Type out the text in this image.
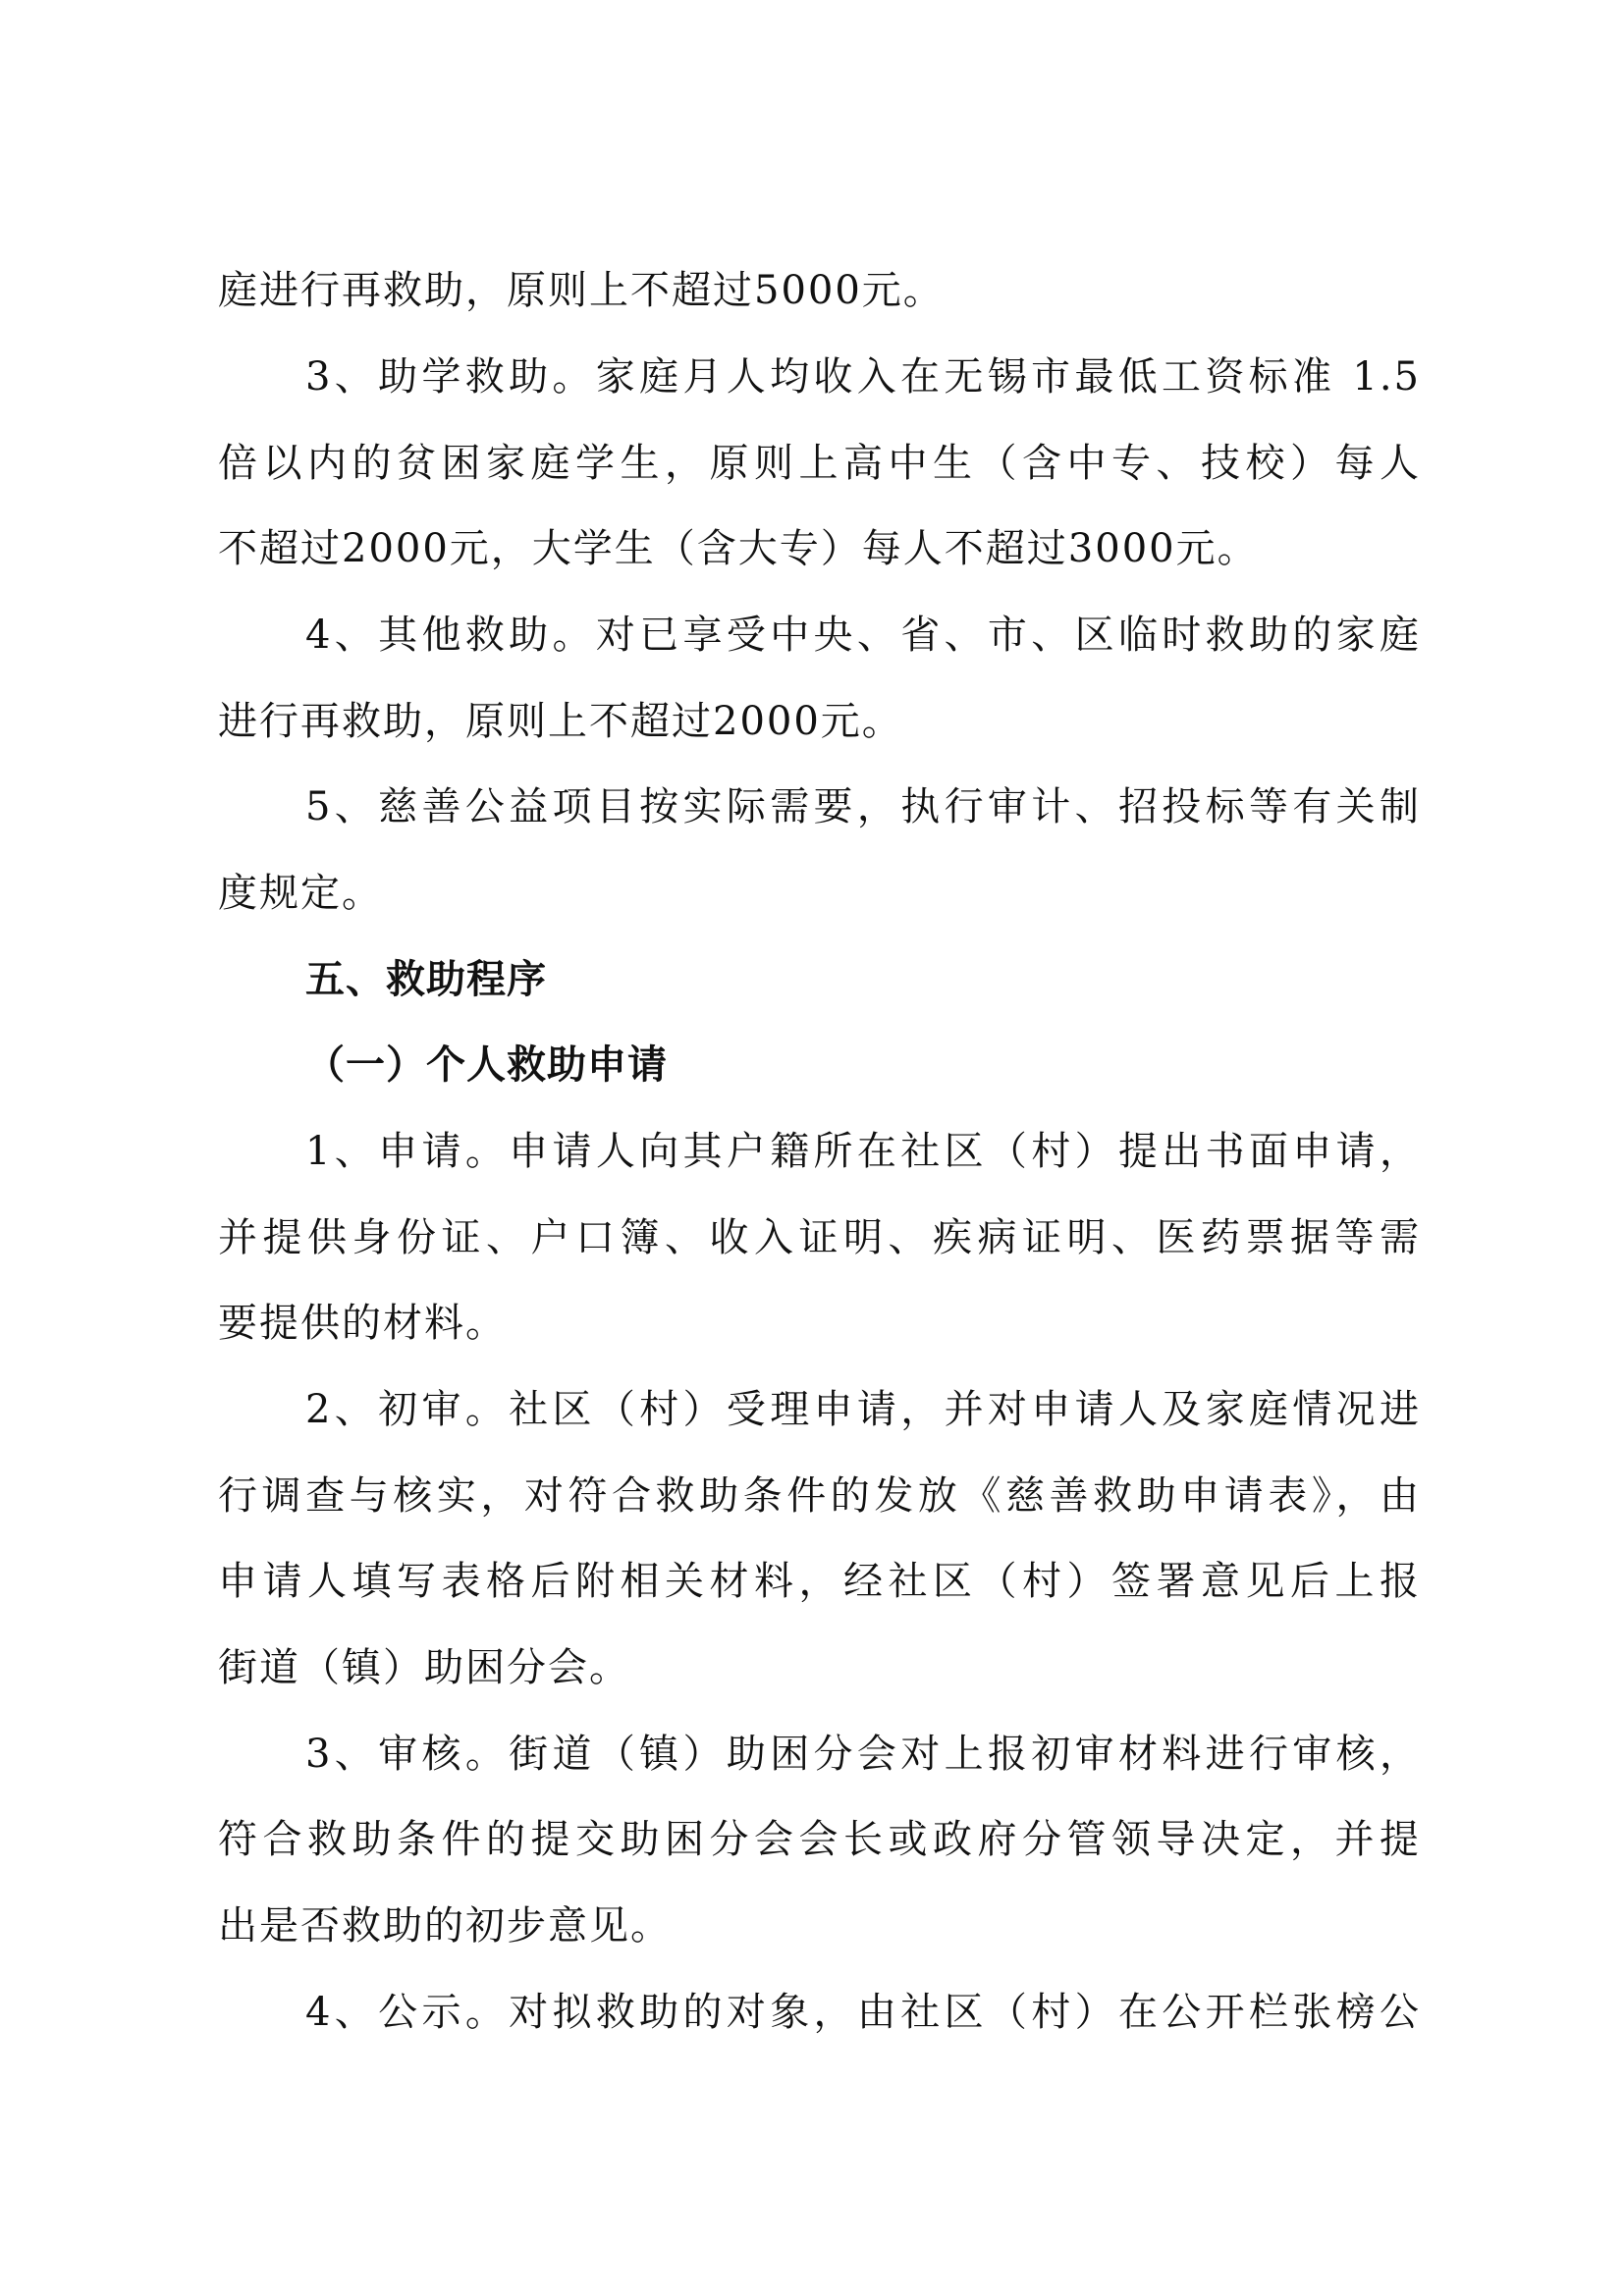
庭进行再救助，原则上不超过5000元。
3、助学救助。家庭月人均收入在无锡市最低工资标准 1.5
倍以内的贫困家庭学生，原则上高中生（含中专、技校）每人
不超过2000元，大学生（含大专）每人不超过3000元。
4、其他救助。对已享受中央、省、市、区临时救助的家庭
进行再救助，原则上不超过2000元。
5、慈善公益项目按实际需要，执行审计、招投标等有关制
度规定。
五、救助程序
（一）个人救助申请
1、申请。申请人向其户籍所在社区（村）提出书面申请，
并提供身份证、户口簿、收入证明、疾病证明、医药票据等需
要提供的材料。
2、初审。社区（村）受理申请，并对申请人及家庭情况进
行调查与核实，对符合救助条件的发放《慈善救助申请表》，由
申请人填写表格后附相关材料，经社区（村）签署意见后上报
街道（镇）助困分会。
3、审核。街道（镇）助困分会对上报初审材料进行审核，
符合救助条件的提交助困分会会长或政府分管领导决定，并提
出是否救助的初步意见。
4、公示。对拟救助的对象，由社区（村）在公开栏张榜公
